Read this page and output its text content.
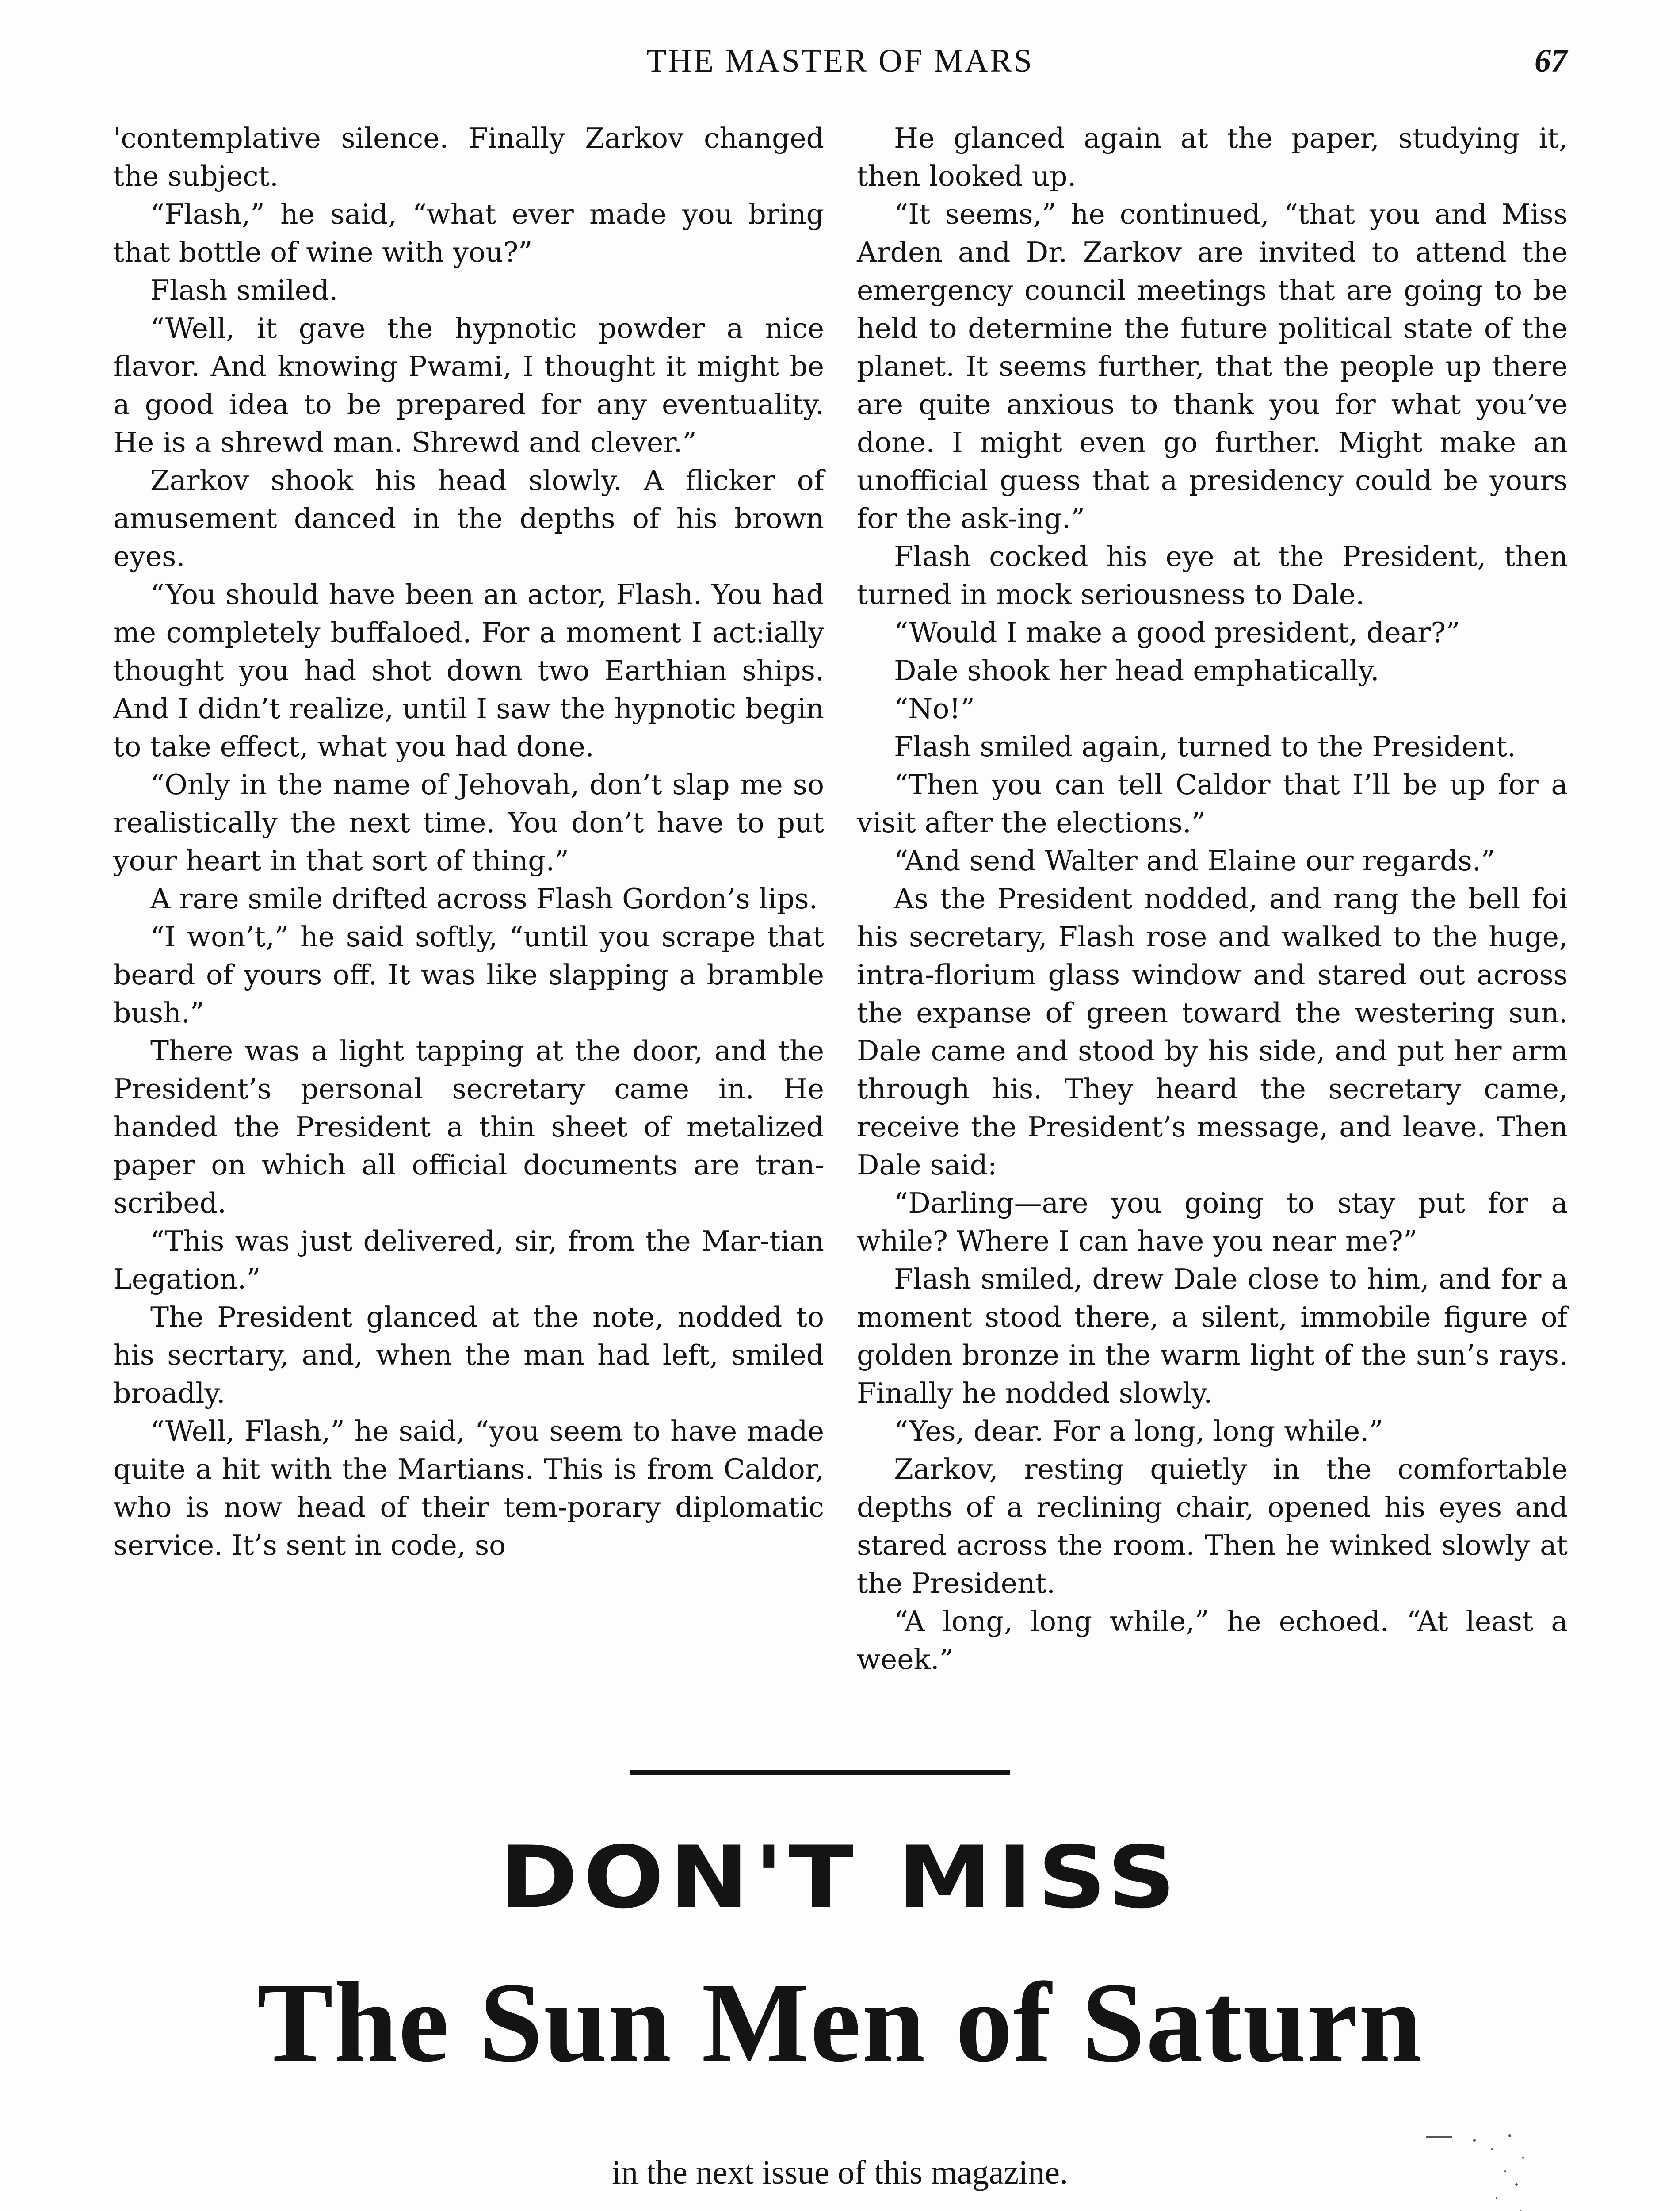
THE MASTER OF MARS	67

'contemplative silence. Finally Zarkov changed the subject.

“Flash,” he said, “what ever made you bring that bottle of wine with you?”

Flash smiled.

“Well, it gave the hypnotic powder a nice flavor. And knowing Pwami, I thought it might be a good idea to be prepared for any eventuality. He is a shrewd man. Shrewd and clever.”

Zarkov shook his head slowly. A flicker of amusement danced in the depths of his brown eyes.

“You should have been an actor, Flash. You had me completely buffaloed. For a moment I act:ially thought you had shot down two Earthian ships. And I didn’t realize, until I saw the hypnotic begin to take effect, what you had done.

“Only in the name of Jehovah, don’t slap me so realistically the next time. You don’t have to put your heart in that sort of thing.”

A rare smile drifted across Flash Gordon’s lips.

“I won’t,” he said softly, “until you scrape that beard of yours off. It was like slapping a bramble bush.”

There was a light tapping at the door, and the President’s personal secretary came in. He handed the President a thin sheet of metalized paper on which all official documents are tran-scribed.

“This was just delivered, sir, from the Mar-tian Legation.”

The President glanced at the note, nodded to his secrtary, and, when the man had left, smiled broadly.

“Well, Flash,” he said, “you seem to have made quite a hit with the Martians. This is from Caldor, who is now head of their tem-porary diplomatic service. It’s sent in code, so

He glanced again at the paper, studying it, then looked up.

“It seems,” he continued, “that you and Miss Arden and Dr. Zarkov are invited to attend the emergency council meetings that are going to be held to determine the future political state of the planet. It seems further, that the people up there are quite anxious to thank you for what you’ve done. I might even go further. Might make an unofficial guess that a presidency could be yours for the ask-ing.”

Flash cocked his eye at the President, then turned in mock seriousness to Dale.

“Would I make a good president, dear?”

Dale shook her head emphatically.

“No!”

Flash smiled again, turned to the President.

“Then you can tell Caldor that I’ll be up for a visit after the elections.”

“And send Walter and Elaine our regards.”

As the President nodded, and rang the bell foi his secretary, Flash rose and walked to the huge, intra-florium glass window and stared out across the expanse of green toward the westering sun. Dale came and stood by his side, and put her arm through his. They heard the secretary came, receive the President’s message, and leave. Then Dale said:

“Darling—are you going to stay put for a while? Where I can have you near me?”

Flash smiled, drew Dale close to him, and for a moment stood there, a silent, immobile figure of golden bronze in the warm light of the sun’s rays. Finally he nodded slowly.

“Yes, dear. For a long, long while.”

Zarkov, resting quietly in the comfortable depths of a reclining chair, opened his eyes and stared across the room. Then he winked slowly at the President.

“A long, long while,” he echoed. “At least a week.”

DON'T MISS
The Sun Men of Saturn
in the next issue of this magazine.
